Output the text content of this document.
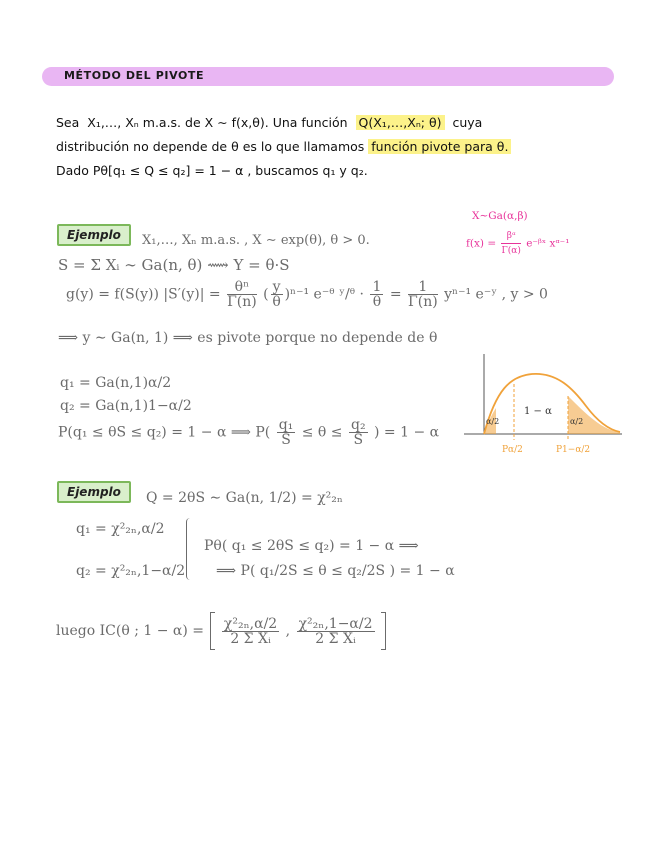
MÉTODO DEL PIVOTE
Sea X₁,…, Xₙ m.a.s. de X ∼ f(x,θ). Una función Q(X₁,…,Xₙ; θ) cuya
distribución no depende de θ es lo que llamamos función pivote para θ.
Dado Pθ[q₁ ≤ Q ≤ q₂] = 1 − α , buscamos q₁ y q₂.
X∼Ga(α,β)
$f(x) = \frac{\text{βᵅ}}{\Gamma(\alpha)}$ e⁻ᵝˣ xᵅ⁻¹
Ejemplo	X₁,…, Xₙ m.a.s. , X ∼ exp(θ), θ > 0.
S = Σ Xᵢ ∼ Ga(n, θ) ⟿ Y = θ·S
g(y) = f(S(y)) $|S'(y)| = \frac{\text{θⁿ}}{\Gamma(n)}$ ( $\frac{y}{\theta} )^{n-1}$ e⁻ᶿ ʸ/ᶿ · $\frac{1}{\theta} = \frac{1}{\Gamma(n)} y^{n-1}$ e⁻ʸ , y > 0
⟹ y ∼ Ga(n, 1) ⟹ es pivote porque no depende de θ
q₁ = Ga(n,1)α/2
q₂ = Ga(n,1)1−α/2
P(q₁ ≤ θS ≤ q₂) = 1 − α ⟹ $P( \frac{\text{q₁}}{S} \le \theta \le \frac{\text{q₂}}{S}$ ) = 1 − α
1 − α
α/2	α/2
Pα/2	P1−α/2
Ejemplo	Q = 2θS ∼ Ga(n, 1/2) = χ²₂ₙ
q₁ = χ²₂ₙ,α/2
q₂ = χ²₂ₙ,1−α/2
Pθ( q₁ ≤ 2θS ≤ q₂) = 1 − α ⟹
⟹ P( q₁/2S ≤ θ ≤ q₂/2S ) = 1 − α
luego IC(θ ; $1 - \alpha) = \frac{\text{χ²₂ₙ,α/2}}{\text{2 Σ Xᵢ}}$ , $\frac{\text{χ²₂ₙ,1−α/2}}{\text{2 Σ Xᵢ}}$
